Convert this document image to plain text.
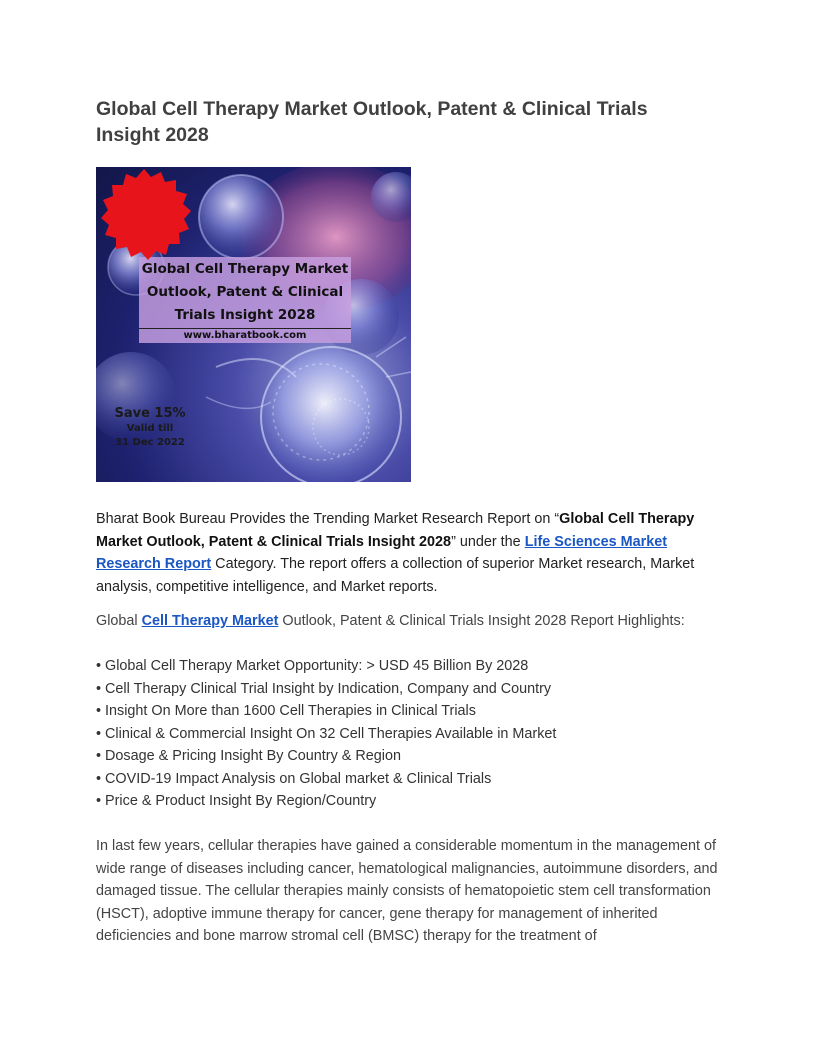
Global Cell Therapy Market Outlook, Patent & Clinical Trials Insight 2028
Global Cell Therapy Market
Outlook, Patent & Clinical
Trials Insight 2028
www.bharatbook.com
Save 15%
Valid till
31 Dec 2022

Bharat Book Bureau Provides the Trending Market Research Report on “Global Cell Therapy Market Outlook, Patent & Clinical Trials Insight 2028” under the Life Sciences Market Research Report Category. The report offers a collection of superior Market research, Market analysis, competitive intelligence, and Market reports.

Global Cell Therapy Market Outlook, Patent & Clinical Trials Insight 2028 Report Highlights:

• Global Cell Therapy Market Opportunity: > USD 45 Billion By 2028
• Cell Therapy Clinical Trial Insight by Indication, Company and Country
• Insight On More than 1600 Cell Therapies in Clinical Trials
• Clinical & Commercial Insight On 32 Cell Therapies Available in Market
• Dosage & Pricing Insight By Country & Region
• COVID-19 Impact Analysis on Global market & Clinical Trials
• Price & Product Insight By Region/Country

In last few years, cellular therapies have gained a considerable momentum in the management of wide range of diseases including cancer, hematological malignancies, autoimmune disorders, and damaged tissue. The cellular therapies mainly consists of hematopoietic stem cell transformation (HSCT), adoptive immune therapy for cancer, gene therapy for management of inherited deficiencies and bone marrow stromal cell (BMSC) therapy for the treatment of
